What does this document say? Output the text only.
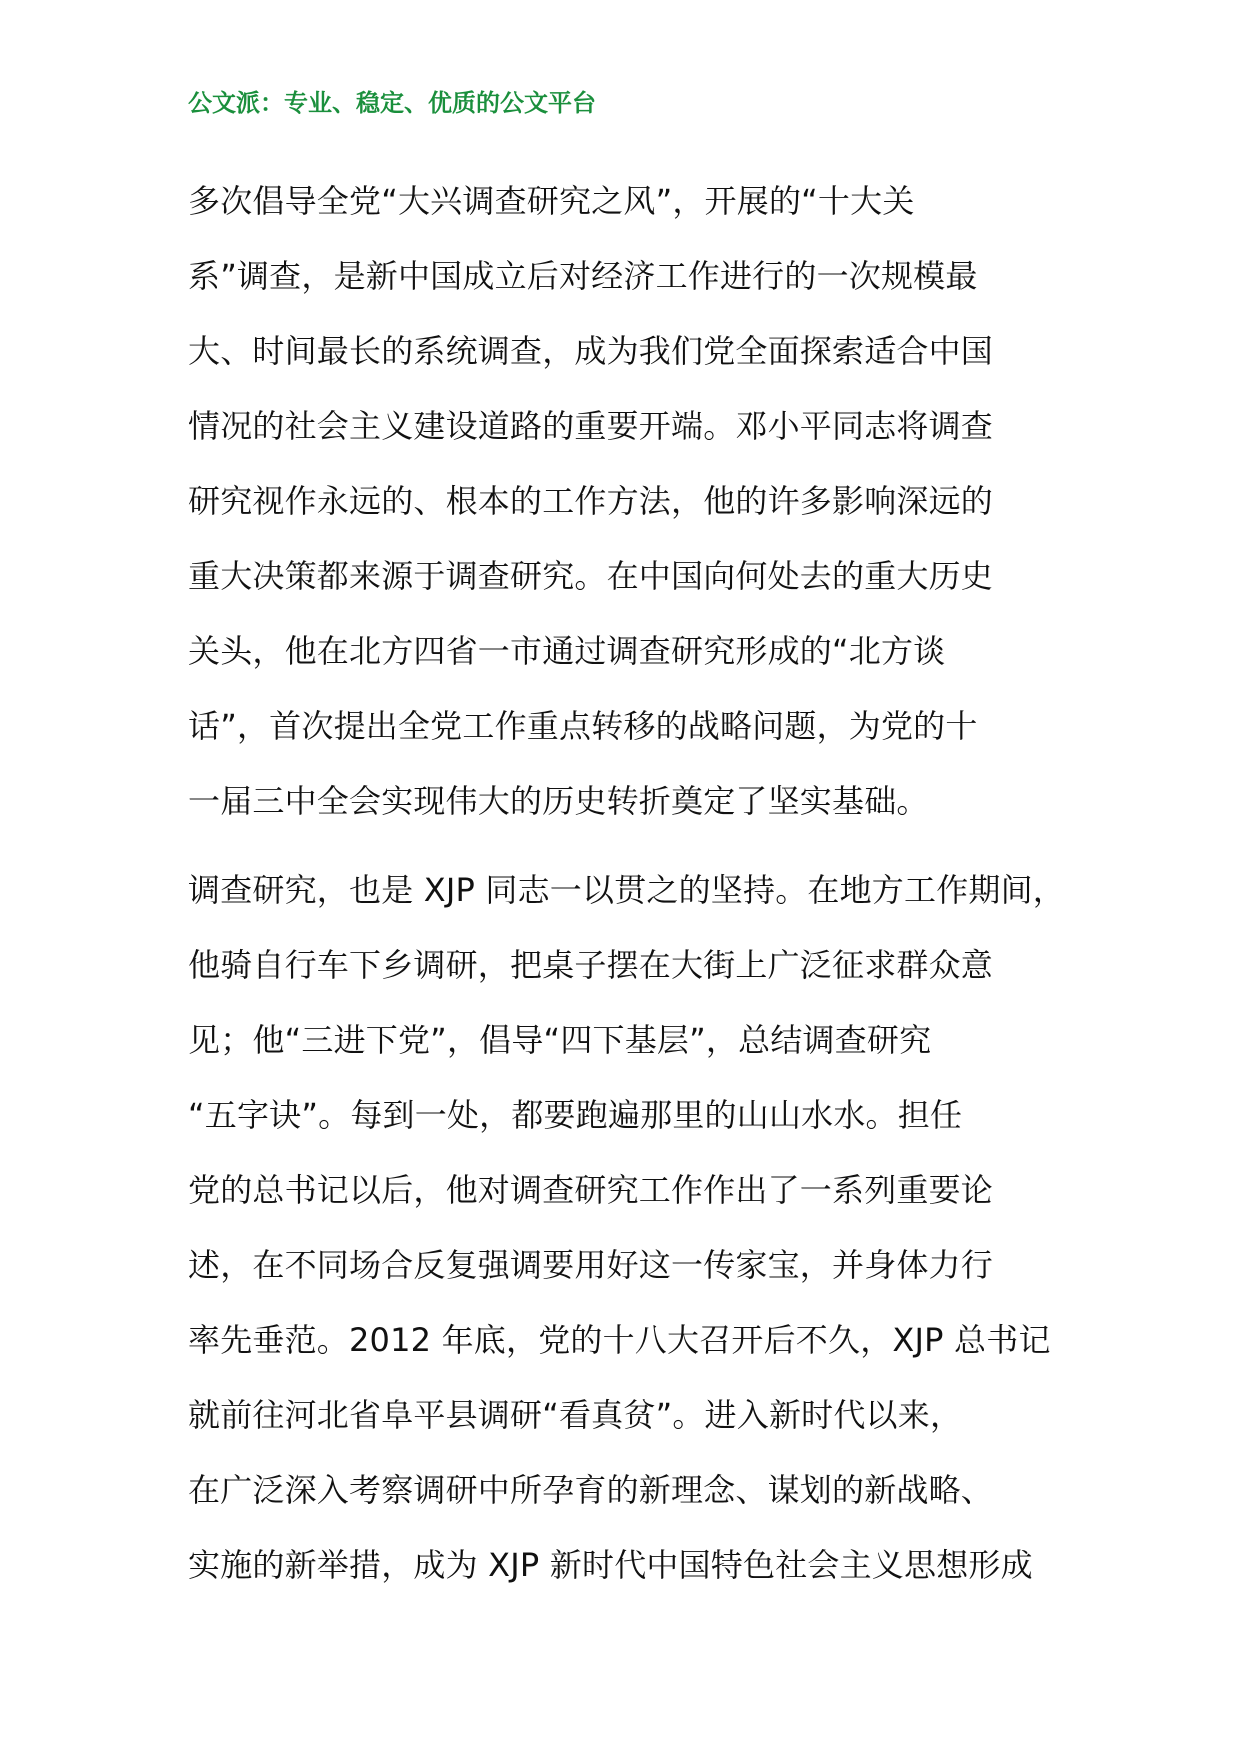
公文派：专业、稳定、优质的公文平台
多次倡导全党“大兴调查研究之风”，开展的“十大关
系”调查，是新中国成立后对经济工作进行的一次规模最
大、时间最长的系统调查，成为我们党全面探索适合中国
情况的社会主义建设道路的重要开端。邓小平同志将调查
研究视作永远的、根本的工作方法，他的许多影响深远的
重大决策都来源于调查研究。在中国向何处去的重大历史
关头，他在北方四省一市通过调查研究形成的“北方谈
话”，首次提出全党工作重点转移的战略问题，为党的十
一届三中全会实现伟大的历史转折奠定了坚实基础。
调查研究，也是 XJP 同志一以贯之的坚持。在地方工作期间，
他骑自行车下乡调研，把桌子摆在大街上广泛征求群众意
见；他“三进下党”，倡导“四下基层”，总结调查研究
“五字诀”。每到一处，都要跑遍那里的山山水水。担任
党的总书记以后，他对调查研究工作作出了一系列重要论
述，在不同场合反复强调要用好这一传家宝，并身体力行
率先垂范。2012 年底，党的十八大召开后不久，XJP 总书记
就前往河北省阜平县调研“看真贫”。进入新时代以来，
在广泛深入考察调研中所孕育的新理念、谋划的新战略、
实施的新举措，成为 XJP 新时代中国特色社会主义思想形成
